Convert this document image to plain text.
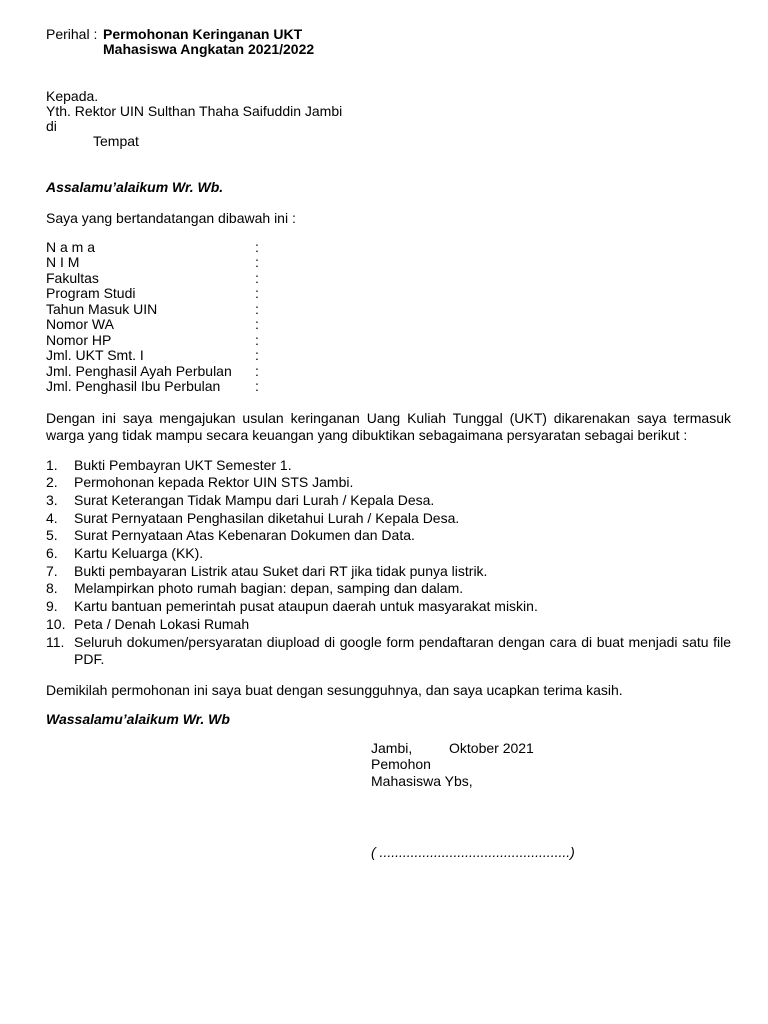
Perihal : Permohonan Keringanan UKT
Mahasiswa Angkatan 2021/2022
Kepada.
Yth. Rektor UIN Sulthan Thaha Saifuddin Jambi
di
Tempat
Assalamu’alaikum Wr. Wb.
Saya yang bertandatangan dibawah ini :
N a m a	:
N I M	:
Fakultas	:
Program Studi	:
Tahun Masuk UIN	:
Nomor WA	:
Nomor HP	:
Jml. UKT Smt. I	:
Jml. Penghasil Ayah Perbulan :
Jml. Penghasil Ibu Perbulan :
Dengan ini saya mengajukan usulan keringanan Uang Kuliah Tunggal (UKT) dikarenakan saya termasuk warga yang tidak mampu secara keuangan yang dibuktikan sebagaimana persyaratan sebagai berikut :
1. Bukti Pembayran UKT Semester 1.
2. Permohonan kepada Rektor UIN STS Jambi.
3. Surat Keterangan Tidak Mampu dari Lurah / Kepala Desa.
4. Surat Pernyataan Penghasilan diketahui Lurah / Kepala Desa.
5. Surat Pernyataan Atas Kebenaran Dokumen dan Data.
6. Kartu Keluarga (KK).
7. Bukti pembayaran Listrik atau Suket dari RT jika tidak punya listrik.
8. Melampirkan photo rumah bagian: depan, samping dan dalam.
9. Kartu bantuan pemerintah pusat ataupun daerah untuk masyarakat miskin.
10. Peta / Denah Lokasi Rumah
11. Seluruh dokumen/persyaratan diupload di google form pendaftaran dengan cara di buat menjadi satu file PDF.
Demikilah permohonan ini saya buat dengan sesungguhnya, dan saya ucapkan terima kasih.
Wassalamu’alaikum Wr. Wb
Jambi,	Oktober 2021
Pemohon
Mahasiswa Ybs,
( .................................................)
